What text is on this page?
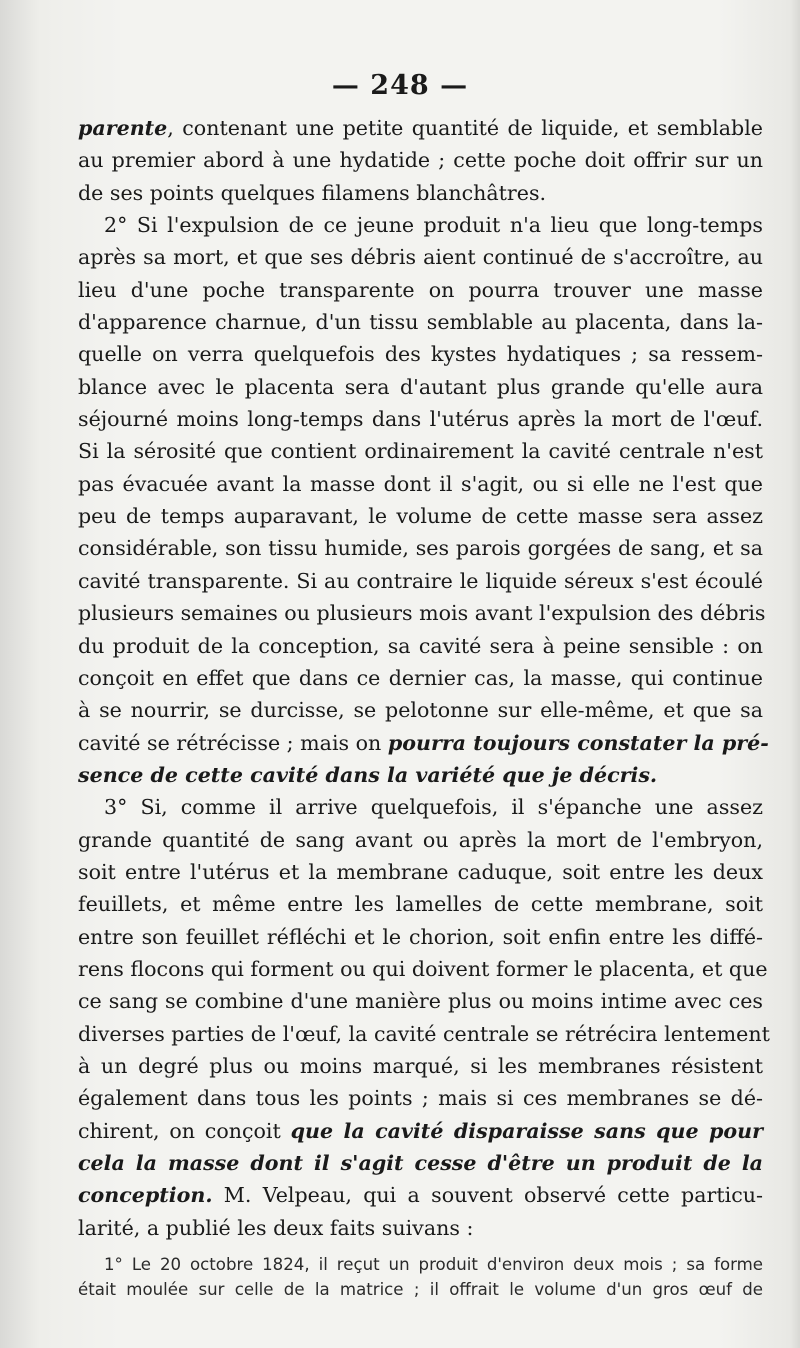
— 248 —
parente, contenant une petite quantité de liquide, et semblable
au premier abord à une hydatide ; cette poche doit offrir sur un
de ses points quelques filamens blanchâtres.
2° Si l'expulsion de ce jeune produit n'a lieu que long-temps
après sa mort, et que ses débris aient continué de s'accroître, au
lieu d'une poche transparente on pourra trouver une masse
d'apparence charnue, d'un tissu semblable au placenta, dans la-
quelle on verra quelquefois des kystes hydatiques ; sa ressem-
blance avec le placenta sera d'autant plus grande qu'elle aura
séjourné moins long-temps dans l'utérus après la mort de l'œuf.
Si la sérosité que contient ordinairement la cavité centrale n'est
pas évacuée avant la masse dont il s'agit, ou si elle ne l'est que
peu de temps auparavant, le volume de cette masse sera assez
considérable, son tissu humide, ses parois gorgées de sang, et sa
cavité transparente. Si au contraire le liquide séreux s'est écoulé
plusieurs semaines ou plusieurs mois avant l'expulsion des débris
du produit de la conception, sa cavité sera à peine sensible : on
conçoit en effet que dans ce dernier cas, la masse, qui continue
à se nourrir, se durcisse, se pelotonne sur elle-même, et que sa
cavité se rétrécisse ; mais on pourra toujours constater la pré-
sence de cette cavité dans la variété que je décris.
3° Si, comme il arrive quelquefois, il s'épanche une assez
grande quantité de sang avant ou après la mort de l'embryon,
soit entre l'utérus et la membrane caduque, soit entre les deux
feuillets, et même entre les lamelles de cette membrane, soit
entre son feuillet réfléchi et le chorion, soit enfin entre les diffé-
rens flocons qui forment ou qui doivent former le placenta, et que
ce sang se combine d'une manière plus ou moins intime avec ces
diverses parties de l'œuf, la cavité centrale se rétrécira lentement
à un degré plus ou moins marqué, si les membranes résistent
également dans tous les points ; mais si ces membranes se dé-
chirent, on conçoit que la cavité disparaisse sans que pour
cela la masse dont il s'agit cesse d'être un produit de la
conception. M. Velpeau, qui a souvent observé cette particu-
larité, a publié les deux faits suivans :
1° Le 20 octobre 1824, il reçut un produit d'environ deux mois ; sa forme
était moulée sur celle de la matrice ; il offrait le volume d'un gros œuf de
